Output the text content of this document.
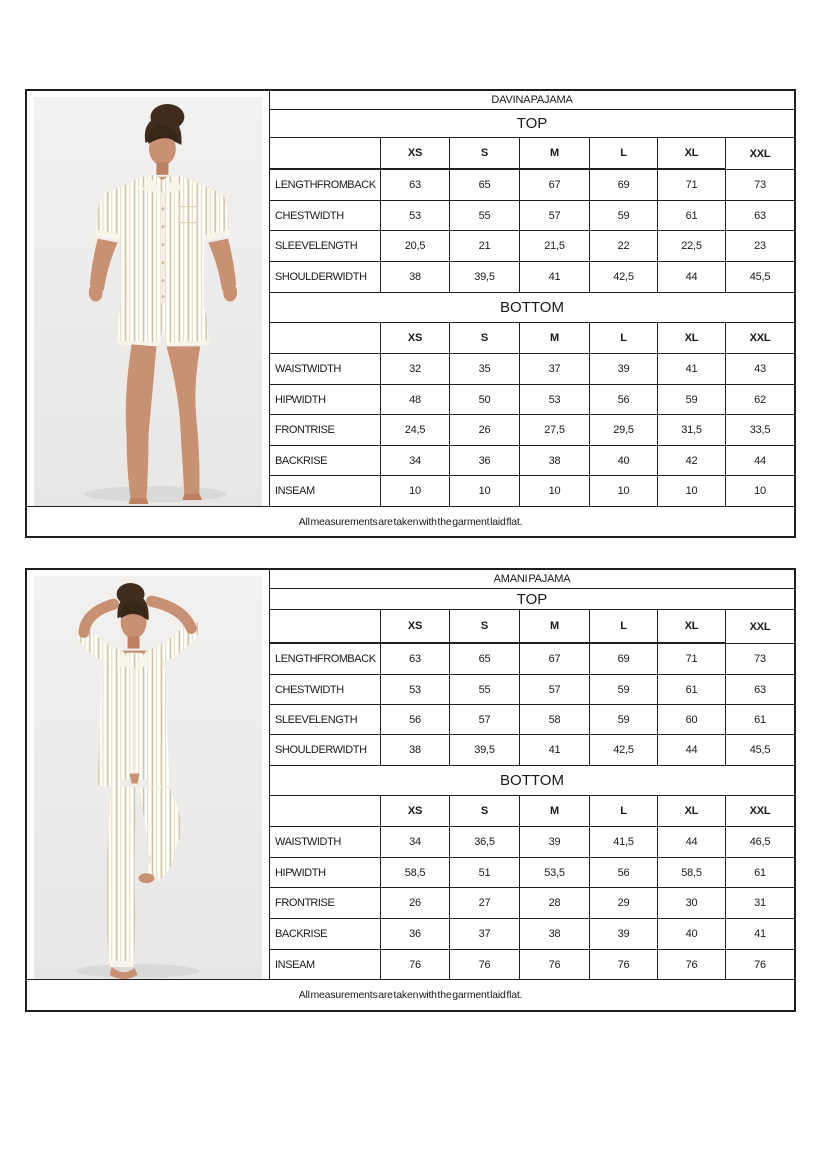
DAVINA PAJAMA
TOP
XS	S	M	L	XL	XXL
LENGTH FROM BACK	63	65	67	69	71	73
CHEST WIDTH	53	55	57	59	61	63
SLEEVE LENGTH	20,5	21	21,5	22	22,5	23
SHOULDER WIDTH	38	39,5	41	42,5	44	45,5
BOTTOM
XS	S	M	L	XL	XXL
WAIST WIDTH	32	35	37	39	41	43
HIP WIDTH	48	50	53	56	59	62
FRONT RISE	24,5	26	27,5	29,5	31,5	33,5
BACK RISE	34	36	38	40	42	44
INSEAM	10	10	10	10	10	10
All measurements are taken with the garment laid flat.
AMANI PAJAMA
TOP
XS	S	M	L	XL	XXL
LENGTH FROM BACK	63	65	67	69	71	73
CHEST WIDTH	53	55	57	59	61	63
SLEEVE LENGTH	56	57	58	59	60	61
SHOULDER WIDTH	38	39,5	41	42,5	44	45,5
BOTTOM
XS	S	M	L	XL	XXL
WAIST WIDTH	34	36,5	39	41,5	44	46,5
HIP WIDTH	58,5	51	53,5	56	58,5	61
FRONT RISE	26	27	28	29	30	31
BACK RISE	36	37	38	39	40	41
INSEAM	76	76	76	76	76	76
All measurements are taken with the garment laid flat.
